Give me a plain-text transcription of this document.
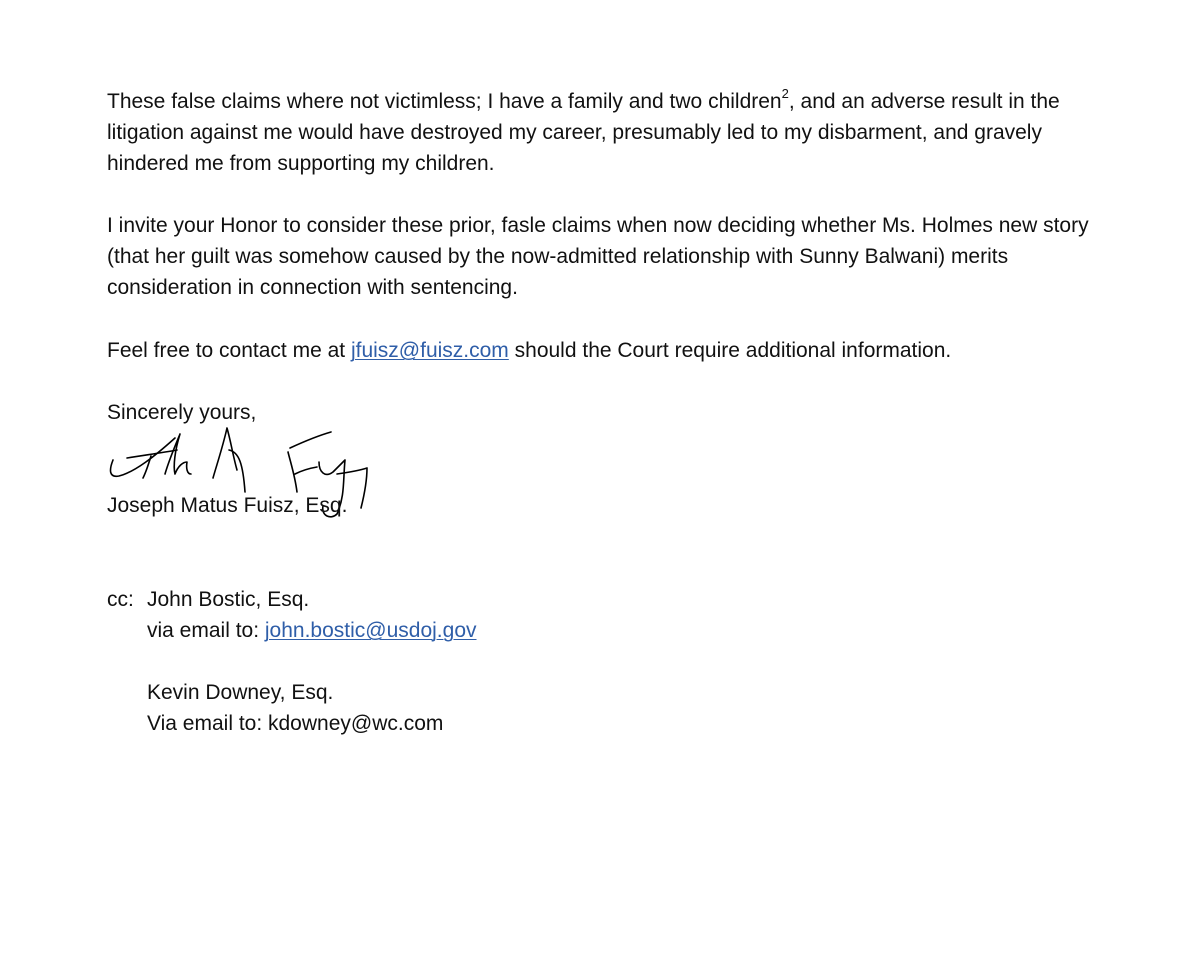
These false claims where not victimless; I have a family and two children$^2$, and an adverse result in the litigation against me would have destroyed my career, presumably led to my disbarment, and gravely hindered me from supporting my children.

I invite your Honor to consider these prior, fasle claims when now deciding whether Ms. Holmes new story (that her guilt was somehow caused by the now-admitted relationship with Sunny Balwani) merits consideration in connection with sentencing.

Feel free to contact me at jfuisz@fuisz.com should the Court require additional information.

Sincerely yours,

Joseph Matus Fuisz, Esq.

cc: John Bostic, Esq.
via email to: john.bostic@usdoj.gov
Kevin Downey, Esq.
Via email to: kdowney@wc.com
